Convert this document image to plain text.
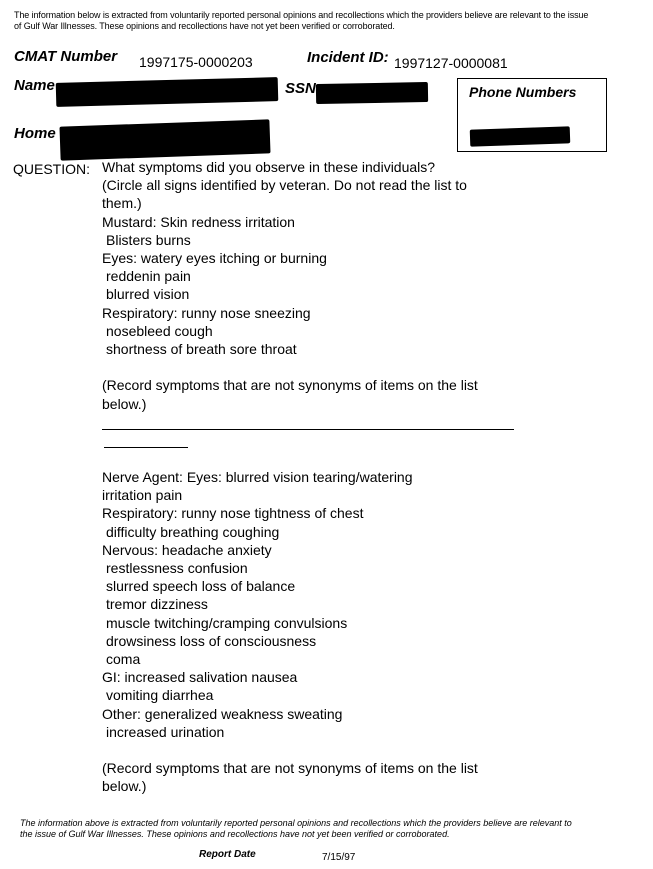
The information below is extracted from voluntarily reported personal opinions and recollections which the providers believe are relevant to the issue
of Gulf War Illnesses. These opinions and recollections have not yet been verified or corroborated.
CMAT Number 1997175-0000203	Incident ID: 1997127-0000081
Name	SSN	Phone Numbers
Home
QUESTION: What symptoms did you observe in these individuals?
(Circle all signs identified by veteran. Do not read the list to
them.)
Mustard: Skin redness irritation
Blisters burns
Eyes: watery eyes itching or burning
reddenin pain
blurred vision
Respiratory: runny nose sneezing
nosebleed cough
shortness of breath sore throat
(Record symptoms that are not synonyms of items on the list
below.)
Nerve Agent: Eyes: blurred vision tearing/watering
irritation pain
Respiratory: runny nose tightness of chest
difficulty breathing coughing
Nervous: headache anxiety
restlessness confusion
slurred speech loss of balance
tremor dizziness
muscle twitching/cramping convulsions
drowsiness loss of consciousness
coma
GI: increased salivation nausea
vomiting diarrhea
Other: generalized weakness sweating
increased urination
(Record symptoms that are not synonyms of items on the list
below.)
The information above is extracted from voluntarily reported personal opinions and recollections which the providers believe are relevant to
the issue of Gulf War Illnesses. These opinions and recollections have not yet been verified or corroborated.
Report Date	7/15/97
